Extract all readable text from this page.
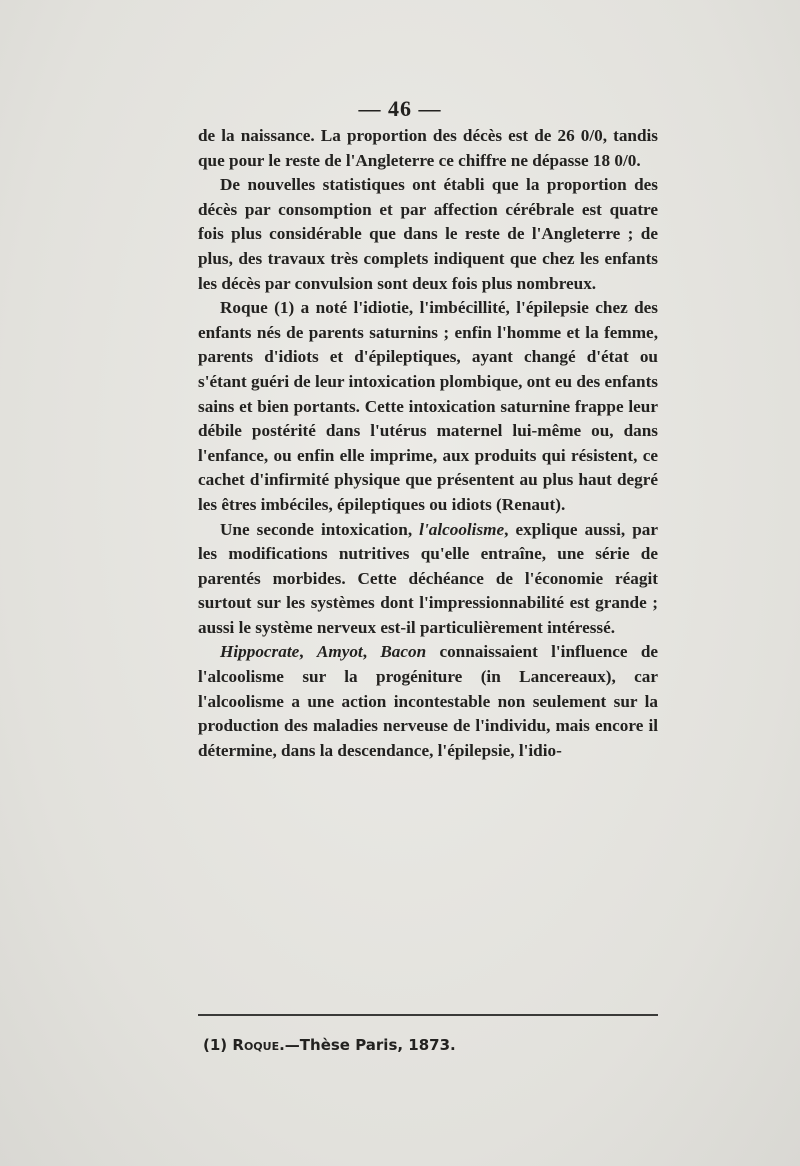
— 46 —

de la naissance. La proportion des décès est de 26 0/0, tandis que pour le reste de l'Angleterre ce chiffre ne dépasse 18 0/0.

De nouvelles statistiques ont établi que la proportion des décès par consomption et par affection cérébrale est quatre fois plus considérable que dans le reste de l'Angleterre ; de plus, des travaux très complets indiquent que chez les enfants les décès par convulsion sont deux fois plus nombreux.

Roque (1) a noté l'idiotie, l'imbécillité, l'épilepsie chez des enfants nés de parents saturnins ; enfin l'homme et la femme, parents d'idiots et d'épileptiques, ayant changé d'état ou s'étant guéri de leur intoxication plombique, ont eu des enfants sains et bien portants. Cette intoxication saturnine frappe leur débile postérité dans l'utérus maternel lui-même ou, dans l'enfance, ou enfin elle imprime, aux produits qui résistent, ce cachet d'infirmité physique que présentent au plus haut degré les êtres imbéciles, épileptiques ou idiots (Renaut).

Une seconde intoxication, l'alcoolisme, explique aussi, par les modifications nutritives qu'elle entraîne, une série de parentés morbides. Cette déchéance de l'économie réagit surtout sur les systèmes dont l'impressionnabilité est grande ; aussi le système nerveux est-il particulièrement intéressé.

Hippocrate, Amyot, Bacon connaissaient l'influence de l'alcoolisme sur la progéniture (in Lancereaux), car l'alcoolisme a une action incontestable non seulement sur la production des maladies nerveuse de l'individu, mais encore il détermine, dans la descendance, l'épilepsie, l'idio-

(1) Roque.—Thèse Paris, 1873.
